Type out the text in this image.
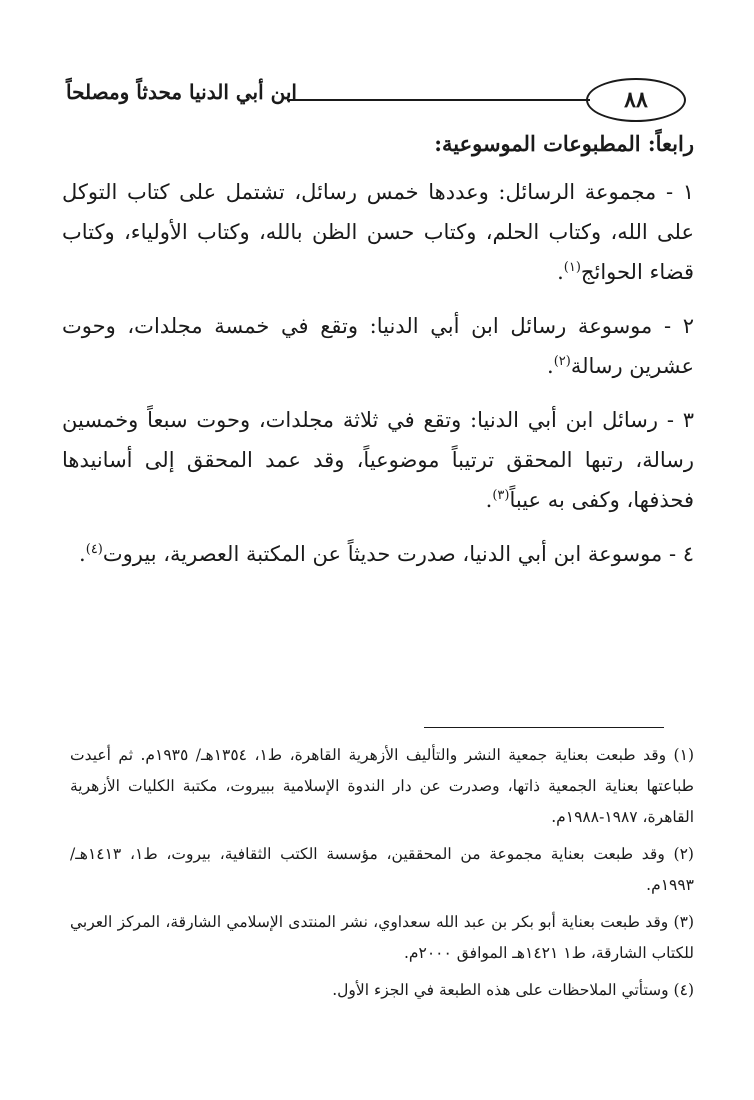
٨٨
ابن أبي الدنيا محدثاً ومصلحاً

رابعاً: المطبوعات الموسوعية:

١ - مجموعة الرسائل: وعددها خمس رسائل، تشتمل على كتاب التوكل على الله، وكتاب الحلم، وكتاب حسن الظن بالله، وكتاب الأولياء، وكتاب قضاء الحوائج$^{(١)}$.

٢ - موسوعة رسائل ابن أبي الدنيا: وتقع في خمسة مجلدات، وحوت عشرين رسالة$^{(٢)}$.

٣ - رسائل ابن أبي الدنيا: وتقع في ثلاثة مجلدات، وحوت سبعاً وخمسين رسالة، رتبها المحقق ترتيباً موضوعياً، وقد عمد المحقق إلى أسانيدها فحذفها، وكفى به عيباً$^{(٣)}$.

٤ - موسوعة ابن أبي الدنيا، صدرت حديثاً عن المكتبة العصرية، بيروت$^{(٤)}$.

(١) وقد طبعت بعناية جمعية النشر والتأليف الأزهرية القاهرة، ط١، ١٣٥٤هـ/ ١٩٣٥م. ثم أعيدت طباعتها بعناية الجمعية ذاتها، وصدرت عن دار الندوة الإسلامية ببيروت، مكتبة الكليات الأزهرية القاهرة، ١٩٨٧-١٩٨٨م.

(٢) وقد طبعت بعناية مجموعة من المحققين، مؤسسة الكتب الثقافية، بيروت، ط١، ١٤١٣هـ/ ١٩٩٣م.

(٣) وقد طبعت بعناية أبو بكر بن عبد الله سعداوي، نشر المنتدى الإسلامي الشارقة، المركز العربي للكتاب الشارقة، ط١ ١٤٢١هـ الموافق ٢٠٠٠م.

(٤) وستأتي الملاحظات على هذه الطبعة في الجزء الأول.
